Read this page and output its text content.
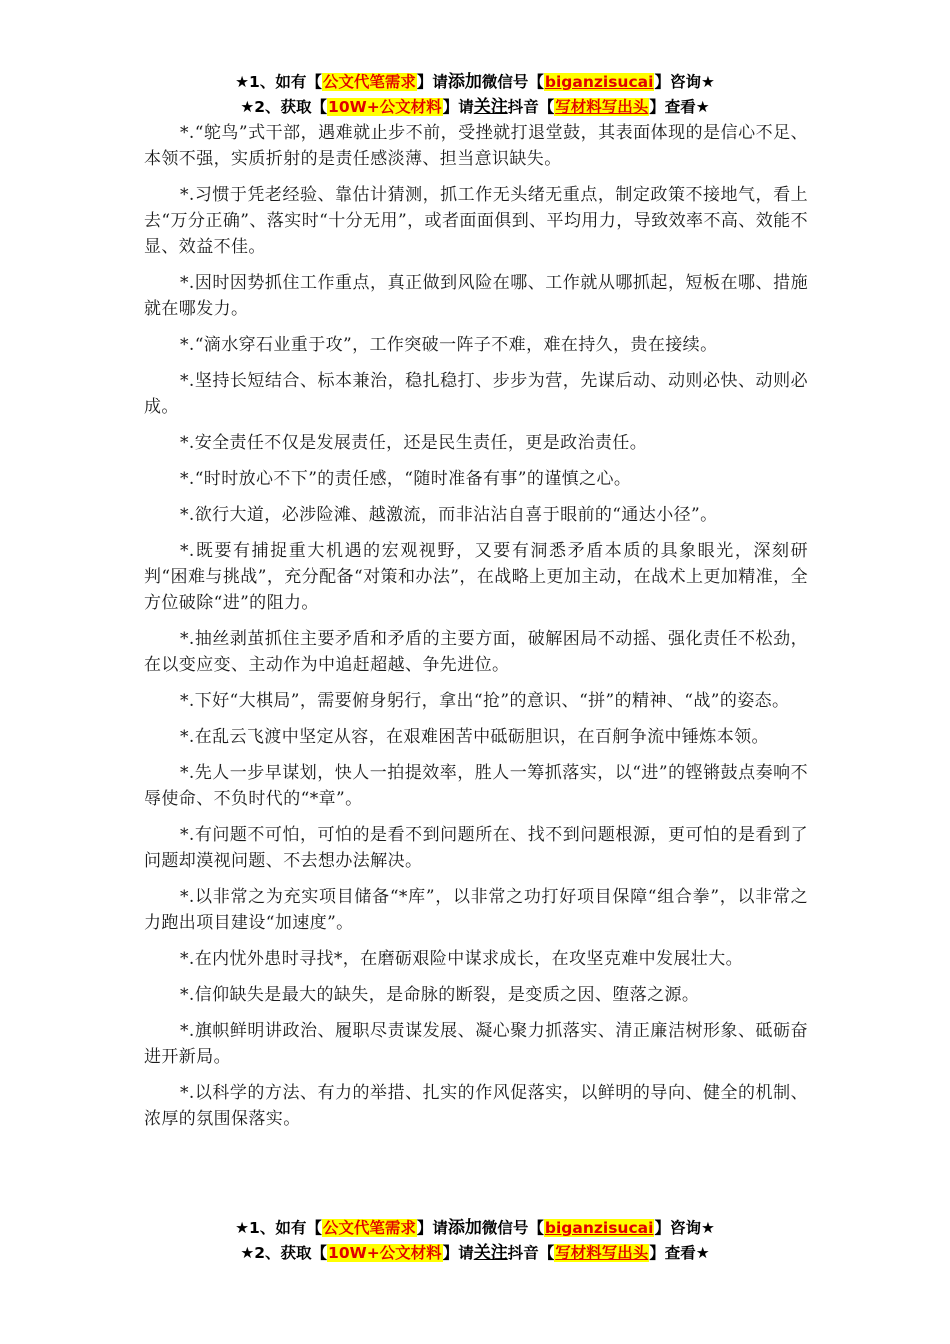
★1、如有【公文代笔需求】请添加微信号【biganzisucai】咨询★
★2、获取【10W+公文材料】请关注抖音【写材料写出头】查看★

*.“鸵鸟”式干部，遇难就止步不前，受挫就打退堂鼓，其表面体现的是信心不足、本领不强，实质折射的是责任感淡薄、担当意识缺失。

*.习惯于凭老经验、靠估计猜测，抓工作无头绪无重点，制定政策不接地气，看上去“万分正确”、落实时“十分无用”，或者面面俱到、平均用力，导致效率不高、效能不显、效益不佳。

*.因时因势抓住工作重点，真正做到风险在哪、工作就从哪抓起，短板在哪、措施就在哪发力。

*.“滴水穿石业重于攻”，工作突破一阵子不难，难在持久，贵在接续。

*.坚持长短结合、标本兼治，稳扎稳打、步步为营，先谋后动、动则必快、动则必成。

*.安全责任不仅是发展责任，还是民生责任，更是政治责任。

*.“时时放心不下”的责任感，“随时准备有事”的谨慎之心。

*.欲行大道，必涉险滩、越激流，而非沾沾自喜于眼前的“通达小径”。

*.既要有捕捉重大机遇的宏观视野，又要有洞悉矛盾本质的具象眼光，深刻研判“困难与挑战”，充分配备“对策和办法”，在战略上更加主动，在战术上更加精准，全方位破除“进”的阻力。

*.抽丝剥茧抓住主要矛盾和矛盾的主要方面，破解困局不动摇、强化责任不松劲，在以变应变、主动作为中追赶超越、争先进位。

*.下好“大棋局”，需要俯身躬行，拿出“抢”的意识、“拼”的精神、“战”的姿态。

*.在乱云飞渡中坚定从容，在艰难困苦中砥砺胆识，在百舸争流中锤炼本领。

*.先人一步早谋划，快人一拍提效率，胜人一筹抓落实，以“进”的铿锵鼓点奏响不辱使命、不负时代的“*章”。

*.有问题不可怕，可怕的是看不到问题所在、找不到问题根源，更可怕的是看到了问题却漠视问题、不去想办法解决。

*.以非常之为充实项目储备“*库”，以非常之功打好项目保障“组合拳”，以非常之力跑出项目建设“加速度”。

*.在内忧外患时寻找*，在磨砺艰险中谋求成长，在攻坚克难中发展壮大。

*.信仰缺失是最大的缺失，是命脉的断裂，是变质之因、堕落之源。

*.旗帜鲜明讲政治、履职尽责谋发展、凝心聚力抓落实、清正廉洁树形象、砥砺奋进开新局。

*.以科学的方法、有力的举措、扎实的作风促落实，以鲜明的导向、健全的机制、浓厚的氛围保落实。

★1、如有【公文代笔需求】请添加微信号【biganzisucai】咨询★
★2、获取【10W+公文材料】请关注抖音【写材料写出头】查看★
